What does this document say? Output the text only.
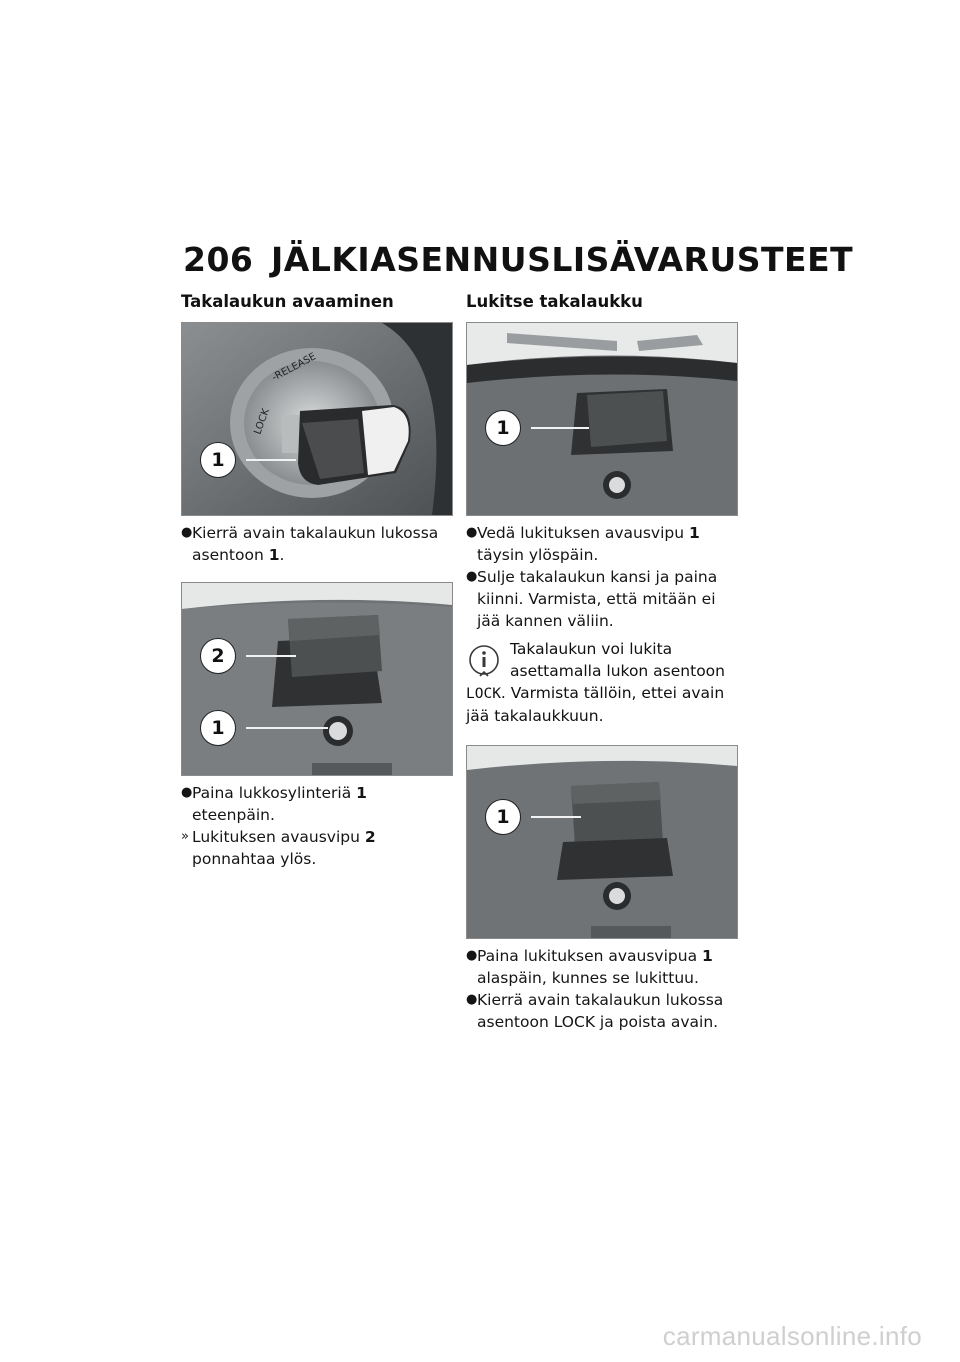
206 JÄLKIASENNUSLISÄVARUSTEET
Takalaukun avaaminen
LOCK
-RELEASE
1
● Kierrä avain takalaukun lukossa asentoon 1.
2
1
● Paina lukkosylinteriä 1 eteenpäin.
» Lukituksen avausvipu 2 ponnahtaa ylös.
Lukitse takalaukku
1
● Vedä lukituksen avausvipu 1 täysin ylöspäin.
● Sulje takalaukun kansi ja paina kiinni. Varmista, että mitään ei jää kannen väliin.
Takalaukun voi lukita asettamalla lukon asentoon
LOCK. Varmista tällöin, ettei avain jää takalaukkuun.
1
● Paina lukituksen avausvipua 1 alaspäin, kunnes se lukittuu.
● Kierrä avain takalaukun lukossa asentoon LOCK ja poista avain.
carmanualsonline.info
